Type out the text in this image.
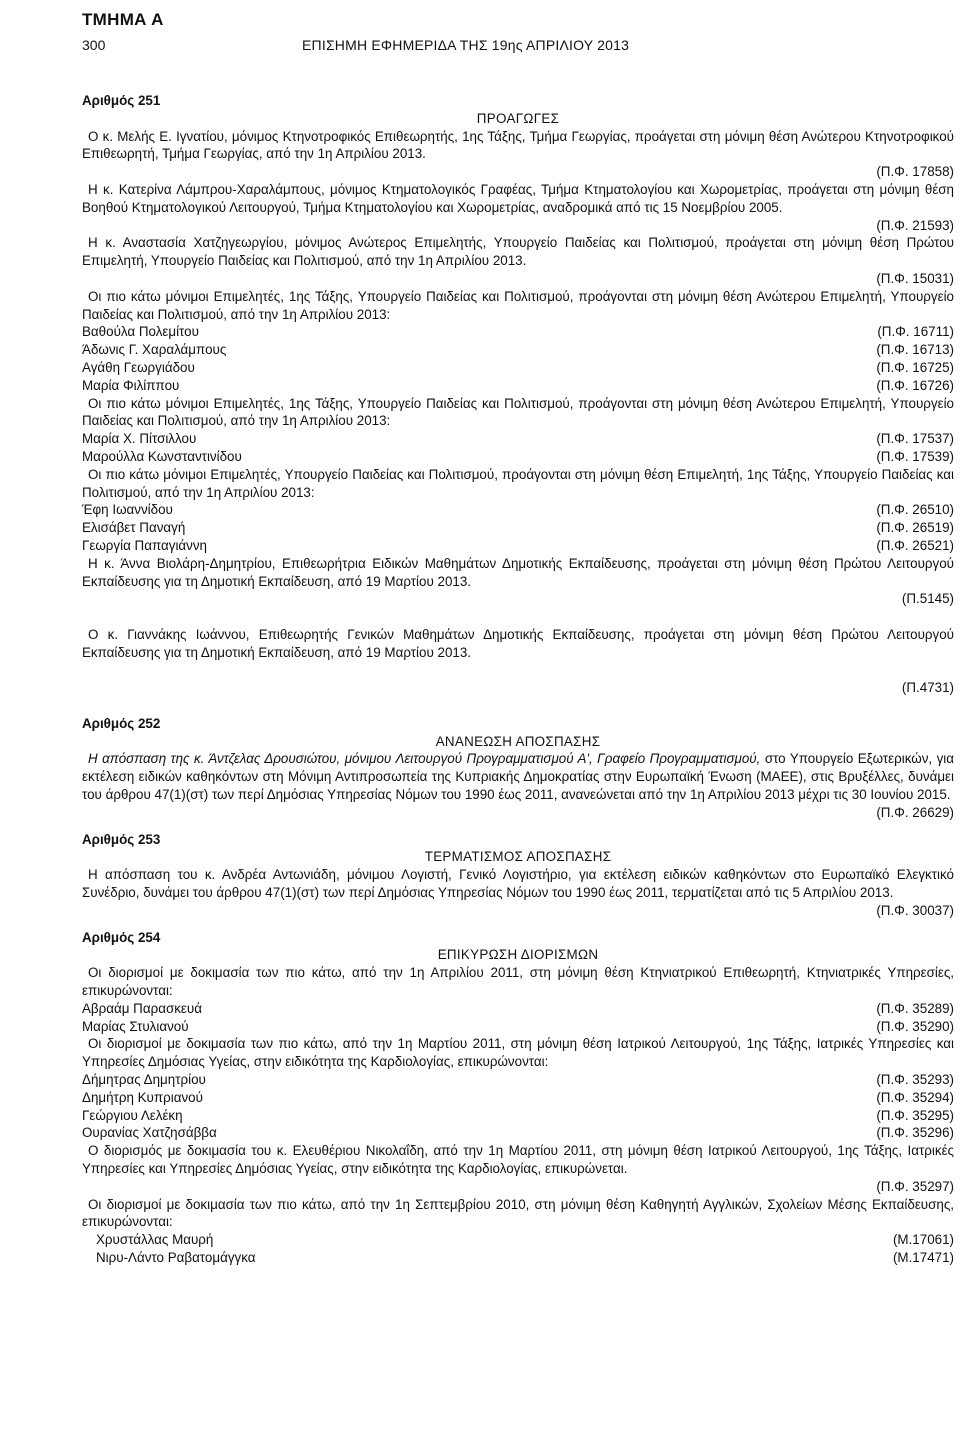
ΤΜΗΜΑ Α
300	ΕΠΙΣΗΜΗ ΕΦΗΜΕΡΙΔΑ ΤΗΣ 19ης ΑΠΡΙΛΙΟΥ 2013
Αριθμός 251
ΠΡΟΑΓΩΓΕΣ

Ο κ. Μελής Ε. Ιγνατίου, μόνιμος Κτηνοτροφικός Επιθεωρητής, 1ης Τάξης, Τμήμα Γεωργίας, προάγεται στη μόνιμη θέση Ανώτερου Κτηνοτροφικού Επιθεωρητή, Τμήμα Γεωργίας, από την 1η Απριλίου 2013.

(Π.Φ. 17858)

Η κ. Κατερίνα Λάμπρου-Χαραλάμπους, μόνιμος Κτηματολογικός Γραφέας, Τμήμα Κτηματολογίου και Χωρομετρίας, προάγεται στη μόνιμη θέση Βοηθού Κτηματολογικού Λειτουργού, Τμήμα Κτηματολογίου και Χωρομετρίας, αναδρομικά από τις 15 Νοεμβρίου 2005.

(Π.Φ. 21593)

Η κ. Αναστασία Χατζηγεωργίου, μόνιμος Ανώτερος Επιμελητής, Υπουργείο Παιδείας και Πολιτισμού, προάγεται στη μόνιμη θέση Πρώτου Επιμελητή, Υπουργείο Παιδείας και Πολιτισμού, από την 1η Απριλίου 2013.

(Π.Φ. 15031)

Οι πιο κάτω μόνιμοι Επιμελητές, 1ης Τάξης, Υπουργείο Παιδείας και Πολιτισμού, προάγονται στη μόνιμη θέση Ανώτερου Επιμελητή, Υπουργείο Παιδείας και Πολιτισμού, από την 1η Απριλίου 2013:

Βαθούλα Πολεμίτου	(Π.Φ. 16711)
Άδωνις Γ. Χαραλάμπους	(Π.Φ. 16713)
Αγάθη Γεωργιάδου	(Π.Φ. 16725)
Μαρία Φιλίππου	(Π.Φ. 16726)

Οι πιο κάτω μόνιμοι Επιμελητές, 1ης Τάξης, Υπουργείο Παιδείας και Πολιτισμού, προάγονται στη μόνιμη θέση Ανώτερου Επιμελητή, Υπουργείο Παιδείας και Πολιτισμού, από την 1η Απριλίου 2013:

Μαρία Χ. Πίτσιλλου	(Π.Φ. 17537)
Μαρούλλα Κωνσταντινίδου	(Π.Φ. 17539)

Οι πιο κάτω μόνιμοι Επιμελητές, Υπουργείο Παιδείας και Πολιτισμού, προάγονται στη μόνιμη θέση Επιμελητή, 1ης Τάξης, Υπουργείο Παιδείας και Πολιτισμού, από την 1η Απριλίου 2013:

Έφη Ιωαννίδου	(Π.Φ. 26510)
Ελισάβετ Παναγή	(Π.Φ. 26519)
Γεωργία Παπαγιάννη	(Π.Φ. 26521)

Η κ. Άννα Βιολάρη-Δημητρίου, Επιθεωρήτρια Ειδικών Μαθημάτων Δημοτικής Εκπαίδευσης, προάγεται στη μόνιμη θέση Πρώτου Λειτουργού Εκπαίδευσης για τη Δημοτική Εκπαίδευση, από 19 Μαρτίου 2013.

(Π.5145)

Ο κ. Γιαννάκης Ιωάννου, Επιθεωρητής Γενικών Μαθημάτων Δημοτικής Εκπαίδευσης, προάγεται στη μόνιμη θέση Πρώτου Λειτουργού Εκπαίδευσης για τη Δημοτική Εκπαίδευση, από 19 Μαρτίου 2013.

(Π.4731)
Αριθμός 252
ΑΝΑΝΕΩΣΗ ΑΠΟΣΠΑΣΗΣ

Η απόσπαση της κ. Άντζελας Δρουσιώτου, μόνιμου Λειτουργού Προγραμματισμού Α', Γραφείο Προγραμματισμού, στο Υπουργείο Εξωτερικών, για εκτέλεση ειδικών καθηκόντων στη Μόνιμη Αντιπροσωπεία της Κυπριακής Δημοκρατίας στην Ευρωπαϊκή Ένωση (ΜΑΕΕ), στις Βρυξέλλες, δυνάμει του άρθρου 47(1)(στ) των περί Δημόσιας Υπηρεσίας Νόμων του 1990 έως 2011, ανανεώνεται από την 1η Απριλίου 2013 μέχρι τις 30 Ιουνίου 2015.

(Π.Φ. 26629)
Αριθμός 253
ΤΕΡΜΑΤΙΣΜΟΣ ΑΠΟΣΠΑΣΗΣ

Η απόσπαση του κ. Ανδρέα Αντωνιάδη, μόνιμου Λογιστή, Γενικό Λογιστήριο, για εκτέλεση ειδικών καθηκόντων στο Ευρωπαϊκό Ελεγκτικό Συνέδριο, δυνάμει του άρθρου 47(1)(στ) των περί Δημόσιας Υπηρεσίας Νόμων του 1990 έως 2011, τερματίζεται από τις 5 Απριλίου 2013.

(Π.Φ. 30037)
Αριθμός 254
ΕΠΙΚΥΡΩΣΗ ΔΙΟΡΙΣΜΩΝ

Οι διορισμοί με δοκιμασία των πιο κάτω, από την 1η Απριλίου 2011, στη μόνιμη θέση Κτηνιατρικού Επιθεωρητή, Κτηνιατρικές Υπηρεσίες, επικυρώνονται:

Αβραάμ Παρασκευά	(Π.Φ. 35289)
Μαρίας Στυλιανού	(Π.Φ. 35290)

Οι διορισμοί με δοκιμασία των πιο κάτω, από την 1η Μαρτίου 2011, στη μόνιμη θέση Ιατρικού Λειτουργού, 1ης Τάξης, Ιατρικές Υπηρεσίες και Υπηρεσίες Δημόσιας Υγείας, στην ειδικότητα της Καρδιολογίας, επικυρώνονται:

Δήμητρας Δημητρίου	(Π.Φ. 35293)
Δημήτρη Κυπριανού	(Π.Φ. 35294)
Γεώργιου Λελέκη	(Π.Φ. 35295)
Ουρανίας Χατζησάββα	(Π.Φ. 35296)

Ο διορισμός με δοκιμασία του κ. Ελευθέριου Νικολαΐδη, από την 1η Μαρτίου 2011, στη μόνιμη θέση Ιατρικού Λειτουργού, 1ης Τάξης, Ιατρικές Υπηρεσίες και Υπηρεσίες Δημόσιας Υγείας, στην ειδικότητα της Καρδιολογίας, επικυρώνεται.

(Π.Φ. 35297)

Οι διορισμοί με δοκιμασία των πιο κάτω, από την 1η Σεπτεμβρίου 2010, στη μόνιμη θέση Καθηγητή Αγγλικών, Σχολείων Μέσης Εκπαίδευσης, επικυρώνονται:

Χρυστάλλας Μαυρή	(Μ.17061)
Νιρυ-Λάντο Ραβατομάγγκα	(Μ.17471)
